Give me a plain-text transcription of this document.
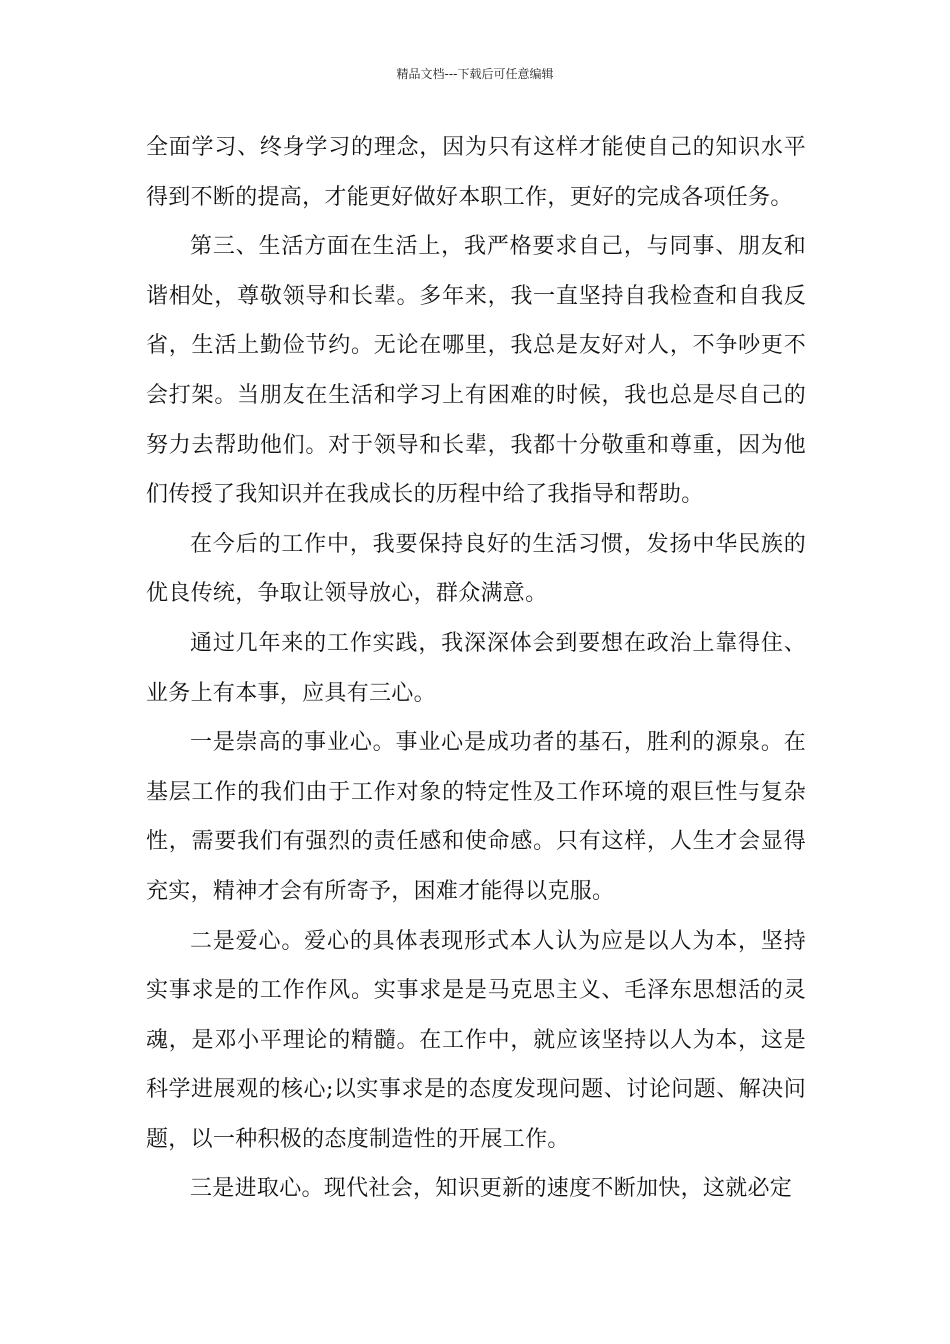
精品文档---下载后可任意编辑

全面学习、终身学习的理念，因为只有这样才能使自己的知识水平得到不断的提高，才能更好做好本职工作，更好的完成各项任务。

第三、生活方面在生活上，我严格要求自己，与同事、朋友和谐相处，尊敬领导和长辈。多年来，我一直坚持自我检查和自我反省，生活上勤俭节约。无论在哪里，我总是友好对人，不争吵更不会打架。当朋友在生活和学习上有困难的时候，我也总是尽自己的努力去帮助他们。对于领导和长辈，我都十分敬重和尊重，因为他们传授了我知识并在我成长的历程中给了我指导和帮助。

在今后的工作中，我要保持良好的生活习惯，发扬中华民族的优良传统，争取让领导放心，群众满意。

通过几年来的工作实践，我深深体会到要想在政治上靠得住、业务上有本事，应具有三心。

一是崇高的事业心。事业心是成功者的基石，胜利的源泉。在基层工作的我们由于工作对象的特定性及工作环境的艰巨性与复杂性，需要我们有强烈的责任感和使命感。只有这样，人生才会显得充实，精神才会有所寄予，困难才能得以克服。

二是爱心。爱心的具体表现形式本人认为应是以人为本，坚持实事求是的工作作风。实事求是是马克思主义、毛泽东思想活的灵魂，是邓小平理论的精髓。在工作中，就应该坚持以人为本，这是科学进展观的核心;以实事求是的态度发现问题、讨论问题、解决问题，以一种积极的态度制造性的开展工作。

三是进取心。现代社会，知识更新的速度不断加快，这就必定
